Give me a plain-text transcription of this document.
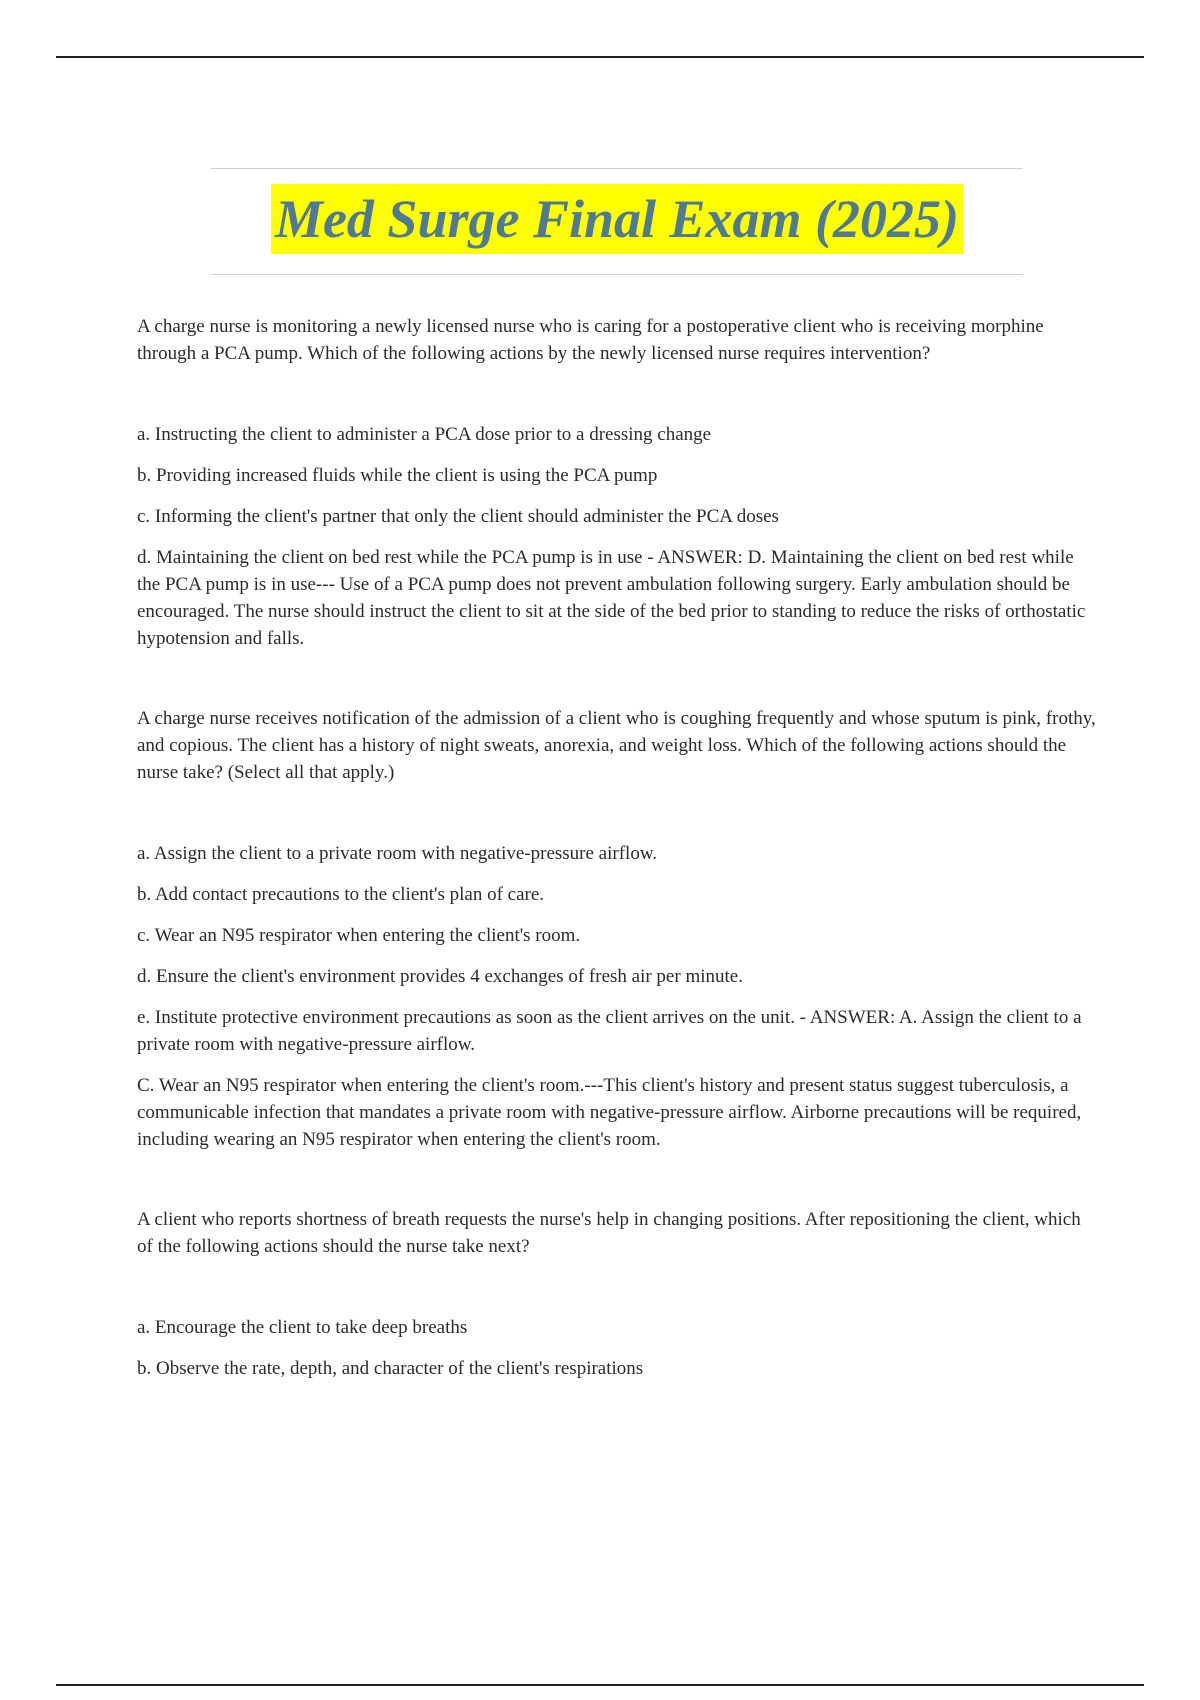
Med Surge Final Exam (2025)

A charge nurse is monitoring a newly licensed nurse who is caring for a postoperative client who is receiving morphine through a PCA pump. Which of the following actions by the newly licensed nurse requires intervention?

a. Instructing the client to administer a PCA dose prior to a dressing change

b. Providing increased fluids while the client is using the PCA pump

c. Informing the client's partner that only the client should administer the PCA doses

d. Maintaining the client on bed rest while the PCA pump is in use - ANSWER: D. Maintaining the client on bed rest while the PCA pump is in use--- Use of a PCA pump does not prevent ambulation following surgery. Early ambulation should be encouraged. The nurse should instruct the client to sit at the side of the bed prior to standing to reduce the risks of orthostatic hypotension and falls.

A charge nurse receives notification of the admission of a client who is coughing frequently and whose sputum is pink, frothy, and copious. The client has a history of night sweats, anorexia, and weight loss. Which of the following actions should the nurse take? (Select all that apply.)

a. Assign the client to a private room with negative-pressure airflow.

b. Add contact precautions to the client's plan of care.

c. Wear an N95 respirator when entering the client's room.

d. Ensure the client's environment provides 4 exchanges of fresh air per minute.

e. Institute protective environment precautions as soon as the client arrives on the unit. - ANSWER: A. Assign the client to a private room with negative-pressure airflow.

C. Wear an N95 respirator when entering the client's room.---This client's history and present status suggest tuberculosis, a communicable infection that mandates a private room with negative-pressure airflow. Airborne precautions will be required, including wearing an N95 respirator when entering the client's room.

A client who reports shortness of breath requests the nurse's help in changing positions. After repositioning the client, which of the following actions should the nurse take next?

a. Encourage the client to take deep breaths

b. Observe the rate, depth, and character of the client's respirations
